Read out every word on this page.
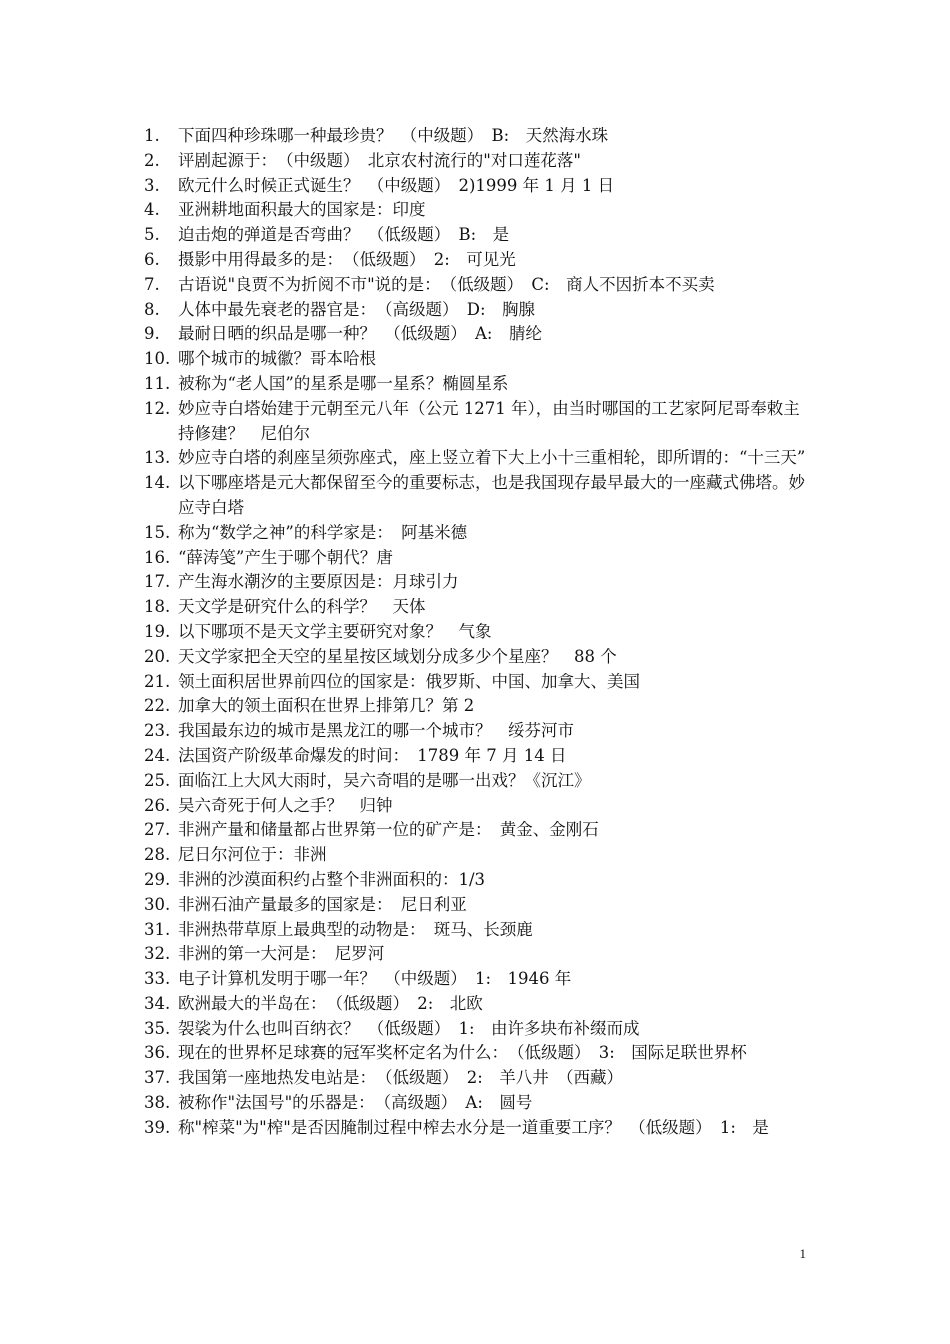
1.	下面四种珍珠哪一种最珍贵？　（中级题）　B:　天然海水珠
2.	评剧起源于：　（中级题）　北京农村流行的"对口莲花落"
3.	欧元什么时候正式诞生？　（中级题）　2)1999 年 1 月 1 日
4.	亚洲耕地面积最大的国家是：印度
5.	迫击炮的弹道是否弯曲？　（低级题）　B:　是
6.	摄影中用得最多的是：　（低级题）　2:　可见光
7.	古语说"良贾不为折阅不市"说的是：　（低级题）　C:　商人不因折本不买卖
8.	人体中最先衰老的器官是：　（高级题）　D:　胸腺
9.	最耐日晒的织品是哪一种？　（低级题）　A:　腈纶
10. 哪个城市的城徽？哥本哈根
11. 被称为“老人国”的星系是哪一星系？椭圆星系
12. 妙应寺白塔始建于元朝至元八年（公元 1271 年），由当时哪国的工艺家阿尼哥奉敕主持修建？　尼伯尔
13. 妙应寺白塔的刹座呈须弥座式，座上竖立着下大上小十三重相轮，即所谓的：“十三天”
14. 以下哪座塔是元大都保留至今的重要标志，也是我国现存最早最大的一座藏式佛塔。妙应寺白塔
15. 称为“数学之神”的科学家是：　阿基米德
16. “薛涛笺”产生于哪个朝代？唐
17. 产生海水潮汐的主要原因是：月球引力
18. 天文学是研究什么的科学？　天体
19. 以下哪项不是天文学主要研究对象？　气象
20. 天文学家把全天空的星星按区域划分成多少个星座？　88 个
21. 领土面积居世界前四位的国家是：俄罗斯、中国、加拿大、美国
22. 加拿大的领土面积在世界上排第几？第 2
23. 我国最东边的城市是黑龙江的哪一个城市？　绥芬河市
24. 法国资产阶级革命爆发的时间：　1789 年 7 月 14 日
25. 面临江上大风大雨时，吴六奇唱的是哪一出戏？《沉江》
26. 吴六奇死于何人之手？　归钟
27. 非洲产量和储量都占世界第一位的矿产是：　黄金、金刚石
28. 尼日尔河位于：非洲
29. 非洲的沙漠面积约占整个非洲面积的：1/3
30. 非洲石油产量最多的国家是：　尼日利亚
31. 非洲热带草原上最典型的动物是：　斑马、长颈鹿
32. 非洲的第一大河是：　尼罗河
33. 电子计算机发明于哪一年？　（中级题）　1:　1946 年
34. 欧洲最大的半岛在：　（低级题）　2:　北欧
35. 袈裟为什么也叫百纳衣？　（低级题）　1:　由许多块布补缀而成
36. 现在的世界杯足球赛的冠军奖杯定名为什么：　（低级题）　3:　国际足联世界杯
37. 我国第一座地热发电站是：　（低级题）　2:　羊八井　（西藏）
38. 被称作"法国号"的乐器是：　（高级题）　A:　圆号
39. 称"榨菜"为"榨"是否因腌制过程中榨去水分是一道重要工序？　（低级题）　1:　是
1
